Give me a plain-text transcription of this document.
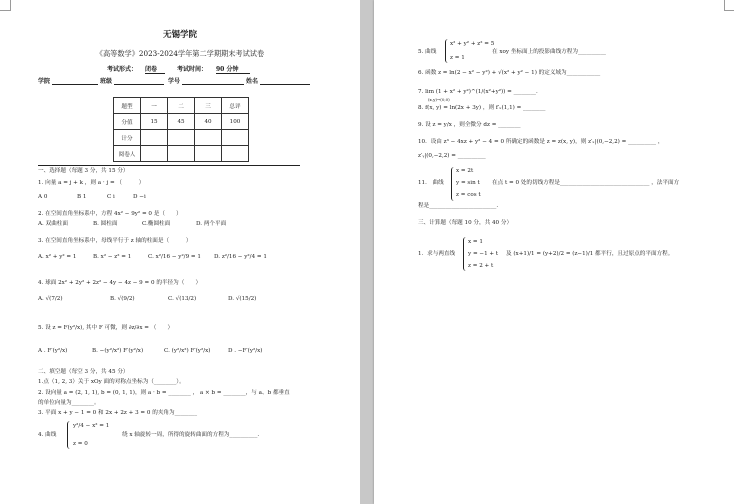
无锡学院
《高等数学》2023-2024学年第二学期期末考试试卷
考试形式： 闭卷	考试时间： 90 分钟
学院	班级	学号	姓名
题型	一	二	三	总评
分值	15	45	40	100
计分				
阅卷人				
一、选择题（每题 3 分，共 15 分）
1. 向量 a = j + k ，则 a · j = （　　　）
A 0	B 1	C i	D −i
2. 在空间直角坐标系中，方程 4x² − 9y² = 0 是（　　）
A. 双曲柱面	B. 圆柱面	C.椭圆柱面	D. 两个平面
3. 在空间直角坐标系中，母线平行于 z 轴的柱面是（　　　）
A. x² + y² = 1	B. x² − z² = 1	C. x²/16 − y²/9 = 1 D. z²/16 − y²/4 = 1
4. 球面 2x² + 2y² + 2z² − 4y − 4z − 9 = 0 的半径为（　　）
A. √(7/2)	B. √(9/2)	C. √(13/2)	D. √(15/2)
5. 设 z = F(y²/x), 其中 F 可微，则 ∂z/∂x = （　　）
A . F′(y²/x)	B. −(y²/x²) F′(y²/x)	C. (y²/x²) F′(y²/x)	D . −F′(y²/x)
二、填空题（每空 3 分，共 45 分）
1.点（1, 2, 3）关于 xOy 面的对称点坐标为（________）。
2. 设向量 a = (2, 1, 1), b = (0, 1, 1)，则 a · b = ________ ， a × b = ________，与 a、b 都垂直
的单位向量为________。
3. 平面 x + y − 1 = 0 和 2x + 2z + 3 = 0 的夹角为________
4. 曲线
y²/4 − x² = 1
z = 0
绕 x 轴旋转一周，所得的旋转曲面的方程为__________.
5. 曲线
x² + y² + z² = 5
z = 1
在 xoy 坐标面上的投影曲线方程为__________
6. 函数 z = ln(2 − x² − y²) + √(x² + y² − 1) 的定义域为____________
7. lim (1 + x² + y²)^(1/(x²+y²)) = ________.
(x,y)→(0,0)
8. f(x, y) = ln(2x + 3y) ，则 f′ₓ(1,1) = ________
9. 设 z = y/x ，则全微分 dz = ________
10．设由 z³ − 4xz + y² − 4 = 0 所确定的函数是 z = z(x, y)，则 z′ₓ|(0,−2,2) = __________ ，
z′ᵧ|(0,−2,2) = __________
11． 曲线
x = 2t
y = sin t
z = cos t
在点 t = 0 处的切线方程是________________________________ ，法平面方
程是________________________.
三、计算题（每题 10 分，共 40 分）
1．求与两直线
x = 1
y = −1 + t
z = 2 + t
及 (x+1)/1 = (y+2)/2 = (z−1)/1 都平行，且过原点的平面方程。
